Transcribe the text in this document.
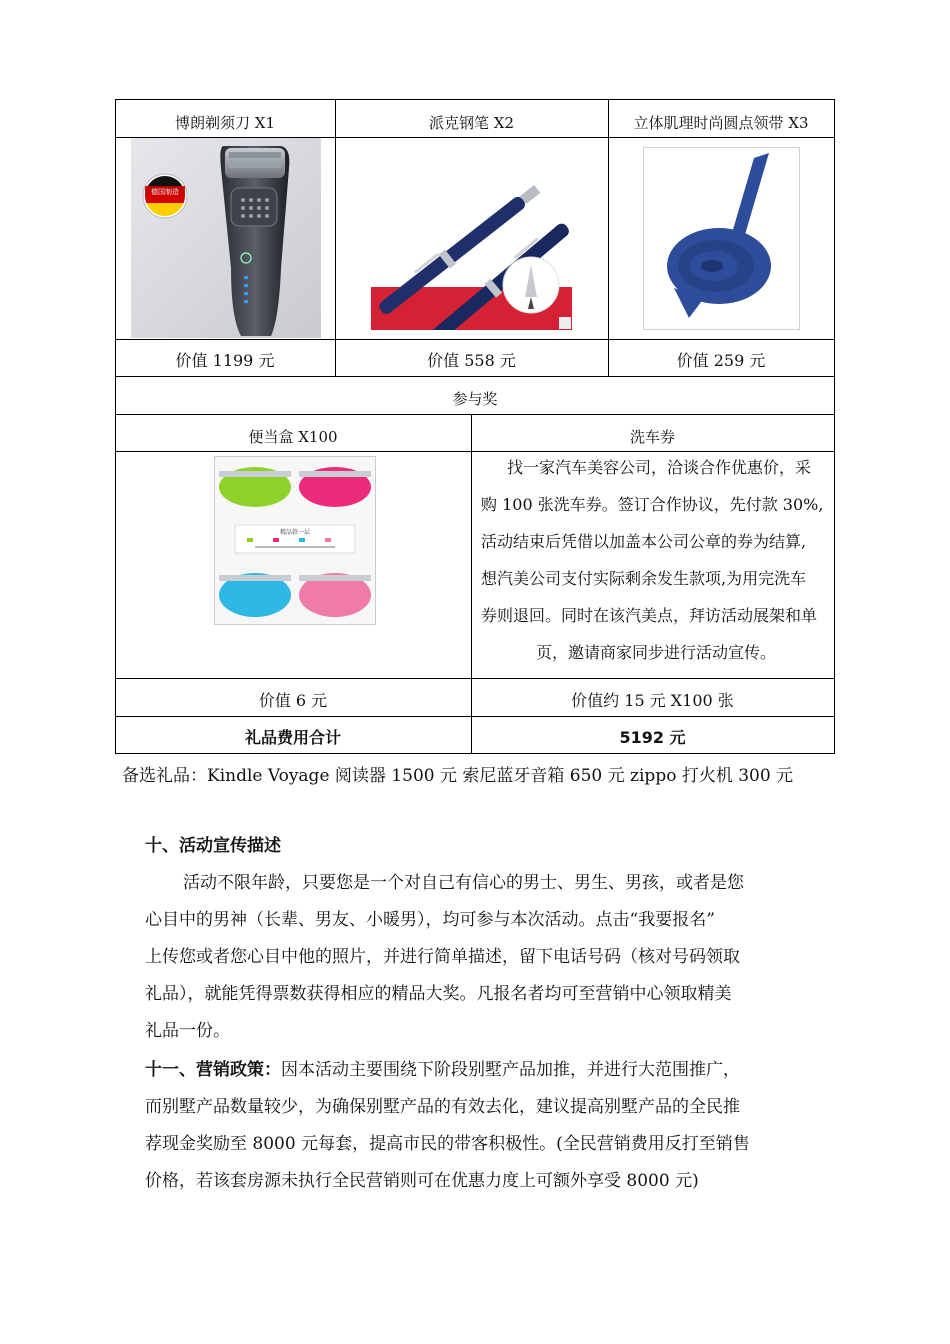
博朗剃须刀 X1	派克钢笔 X2	立体肌理时尚圆点领带 X3
德国制造
价值 1199 元	价值 558 元	价值 259 元
参与奖
便当盒 X100	洗车券
精品款一层
找一家汽车美容公司，洽谈合作优惠价，采
购 100 张洗车券。签订合作协议，先付款 30%,
活动结束后凭借以加盖本公司公章的券为结算,
想汽美公司支付实际剩余发生款项,为用完洗车
券则退回。同时在该汽美点，拜访活动展架和单
页，邀请商家同步进行活动宣传。
价值 6 元	价值约 15 元 X100 张
礼品费用合计	5192 元
备选礼品：Kindle Voyage 阅读器 1500 元 索尼蓝牙音箱 650 元 zippo 打火机 300 元
十、活动宣传描述
活动不限年龄，只要您是一个对自己有信心的男士、男生、男孩，或者是您
心目中的男神（长辈、男友、小暖男），均可参与本次活动。点击“我要报名”
上传您或者您心目中他的照片，并进行简单描述，留下电话号码（核对号码领取
礼品），就能凭得票数获得相应的精品大奖。凡报名者均可至营销中心领取精美
礼品一份。
十一、营销政策：因本活动主要围绕下阶段别墅产品加推，并进行大范围推广，
而别墅产品数量较少，为确保别墅产品的有效去化，建议提高别墅产品的全民推
荐现金奖励至 8000 元每套，提高市民的带客积极性。(全民营销费用反打至销售
价格，若该套房源未执行全民营销则可在优惠力度上可额外享受 8000 元)
